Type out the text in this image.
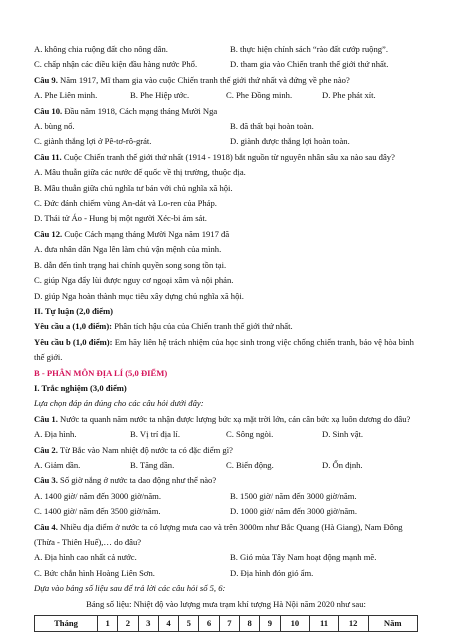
A. không chia ruộng đất cho nông dân.	B. thực hiện chính sách “rào đất cướp ruộng”.
C. chấp nhận các điều kiện đầu hàng nước Phổ.	D. tham gia vào Chiến tranh thế giới thứ nhất.
Câu 9. Năm 1917, Mĩ tham gia vào cuộc Chiến tranh thế giới thứ nhất và đứng về phe nào?
A. Phe Liên minh.	B. Phe Hiệp ước.	C. Phe Đồng minh.	D. Phe phát xít.
Câu 10. Đầu năm 1918, Cách mạng tháng Mười Nga
A. bùng nổ.	B. đã thất bại hoàn toàn.
C. giành thắng lợi ở Pê-tơ-rô-grát.	D. giành được thắng lợi hoàn toàn.
Câu 11. Cuộc Chiến tranh thế giới thứ nhất (1914 - 1918) bắt nguồn từ nguyên nhân sâu xa nào sau đây?
A. Mâu thuẫn giữa các nước đế quốc về thị trường, thuộc địa.
B. Mâu thuẫn giữa chủ nghĩa tư bản với chủ nghĩa xã hội.
C. Đức đánh chiếm vùng An-dát và Lo-ren của Pháp.
D. Thái tử Áo - Hung bị một người Xéc-bi ám sát.
Câu 12. Cuộc Cách mạng tháng Mười Nga năm 1917 đã
A. đưa nhân dân Nga lên làm chủ vận mệnh của mình.
B. dẫn đến tình trạng hai chính quyền song song tồn tại.
C. giúp Nga đẩy lùi được nguy cơ ngoại xâm và nội phản.
D. giúp Nga hoàn thành mục tiêu xây dựng chủ nghĩa xã hội.
II. Tự luận (2,0 điểm)
Yêu cầu a (1,0 điểm): Phân tích hậu của của Chiến tranh thế giới thứ nhất.
Yêu cầu b (1,0 điểm): Em hãy liên hệ trách nhiệm của học sinh trong việc chống chiến tranh, bảo vệ hòa bình thế giới.
B - PHÂN MÔN ĐỊA LÍ (5,0 ĐIỂM)
I. Trắc nghiệm (3,0 điểm)
Lựa chọn đáp án đúng cho các câu hỏi dưới đây:
Câu 1. Nước ta quanh năm nước ta nhận được lượng bức xạ mặt trời lớn, cán cân bức xạ luôn dương do đâu?
A. Địa hình.	B. Vị trí địa lí.	C. Sông ngòi.	D. Sinh vật.
Câu 2. Từ Bắc vào Nam nhiệt độ nước ta có đặc điểm gì?
A. Giảm dần.	B. Tăng dần.	C. Biến động.	D. Ổn định.
Câu 3. Số giờ nắng ở nước ta dao động như thế nào?
A. 1400 giờ/ năm đến 3000 giờ/năm.	B. 1500 giờ/ năm đến 3000 giờ/năm.
C. 1400 giờ/ năm đến 3500 giờ/năm.	D. 1000 giờ/ năm đến 3000 giờ/năm.
Câu 4. Nhiều địa điểm ở nước ta có lượng mưa cao và trên 3000m như Bắc Quang (Hà Giang), Nam Đông (Thừa - Thiên Huế),… do đâu?
A. Địa hình cao nhất cả nước.	B. Gió mùa Tây Nam hoạt động mạnh mẽ.
C. Bức chắn hình Hoàng Liên Sơn.	D. Địa hình đón gió ẩm.
Dựa vào bảng số liệu sau để trả lời các câu hỏi số 5, 6:
Bảng số liệu: Nhiệt độ vào lượng mưa trạm khí tượng Hà Nội năm 2020 như sau:
Tháng	1	2	3	4	5	6	7	8	9	10	11	12	Năm
